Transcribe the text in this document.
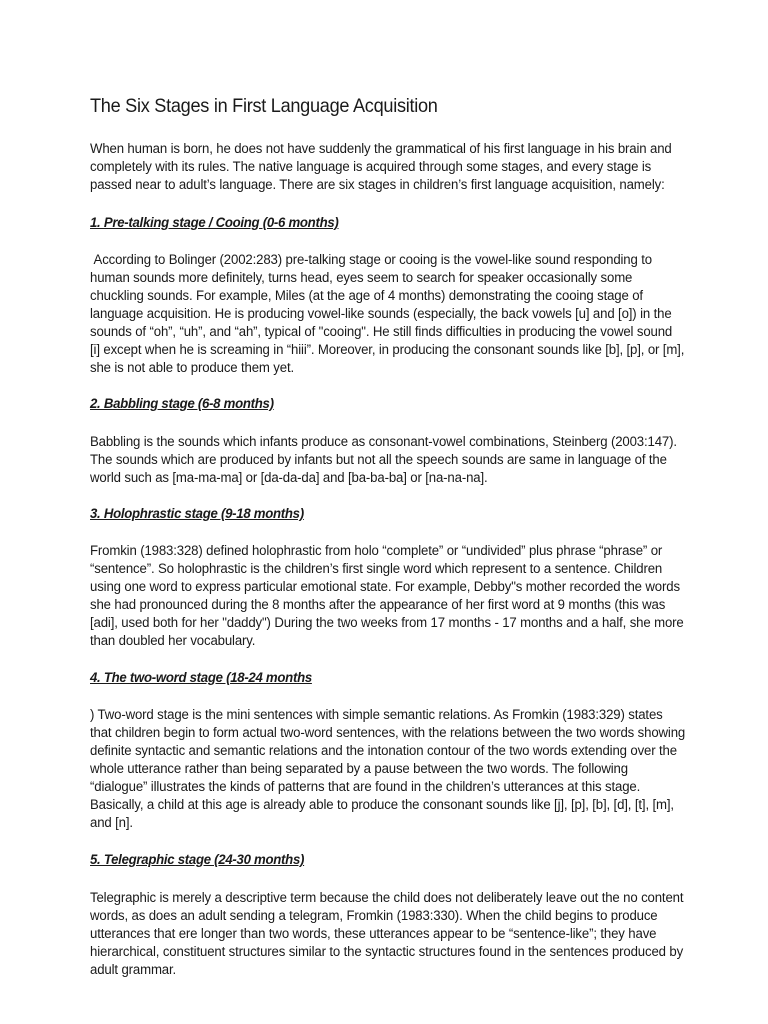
The Six Stages in First Language Acquisition

When human is born, he does not have suddenly the grammatical of his first language in his brain and completely with its rules. The native language is acquired through some stages, and every stage is passed near to adult’s language. There are six stages in children’s first language acquisition, namely:

1. Pre-talking stage / Cooing (0-6 months)

According to Bolinger (2002:283) pre-talking stage or cooing is the vowel-like sound responding to human sounds more definitely, turns head, eyes seem to search for speaker occasionally some chuckling sounds. For example, Miles (at the age of 4 months) demonstrating the cooing stage of language acquisition. He is producing vowel-like sounds (especially, the back vowels [u] and [o]) in the sounds of “oh”, “uh”, and “ah”, typical of "cooing". He still finds difficulties in producing the vowel sound [i] except when he is screaming in “hiii”. Moreover, in producing the consonant sounds like [b], [p], or [m], she is not able to produce them yet.

2. Babbling stage (6-8 months)

Babbling is the sounds which infants produce as consonant-vowel combinations, Steinberg (2003:147). The sounds which are produced by infants but not all the speech sounds are same in language of the world such as [ma-ma-ma] or [da-da-da] and [ba-ba-ba] or [na-na-na].

3. Holophrastic stage (9-18 months)

Fromkin (1983:328) defined holophrastic from holo “complete” or “undivided” plus phrase “phrase” or “sentence”. So holophrastic is the children’s first single word which represent to a sentence. Children using one word to express particular emotional state. For example, Debby"s mother recorded the words she had pronounced during the 8 months after the appearance of her first word at 9 months (this was [adi], used both for her "daddy") During the two weeks from 17 months - 17 months and a half, she more than doubled her vocabulary.

4. The two-word stage (18-24 months

) Two-word stage is the mini sentences with simple semantic relations. As Fromkin (1983:329) states that children begin to form actual two-word sentences, with the relations between the two words showing definite syntactic and semantic relations and the intonation contour of the two words extending over the whole utterance rather than being separated by a pause between the two words. The following “dialogue” illustrates the kinds of patterns that are found in the children’s utterances at this stage. Basically, a child at this age is already able to produce the consonant sounds like [j], [p], [b], [d], [t], [m], and [n].

5. Telegraphic stage (24-30 months)

Telegraphic is merely a descriptive term because the child does not deliberately leave out the no content words, as does an adult sending a telegram, Fromkin (1983:330). When the child begins to produce utterances that ere longer than two words, these utterances appear to be “sentence-like”; they have hierarchical, constituent structures similar to the syntactic structures found in the sentences produced by adult grammar.
